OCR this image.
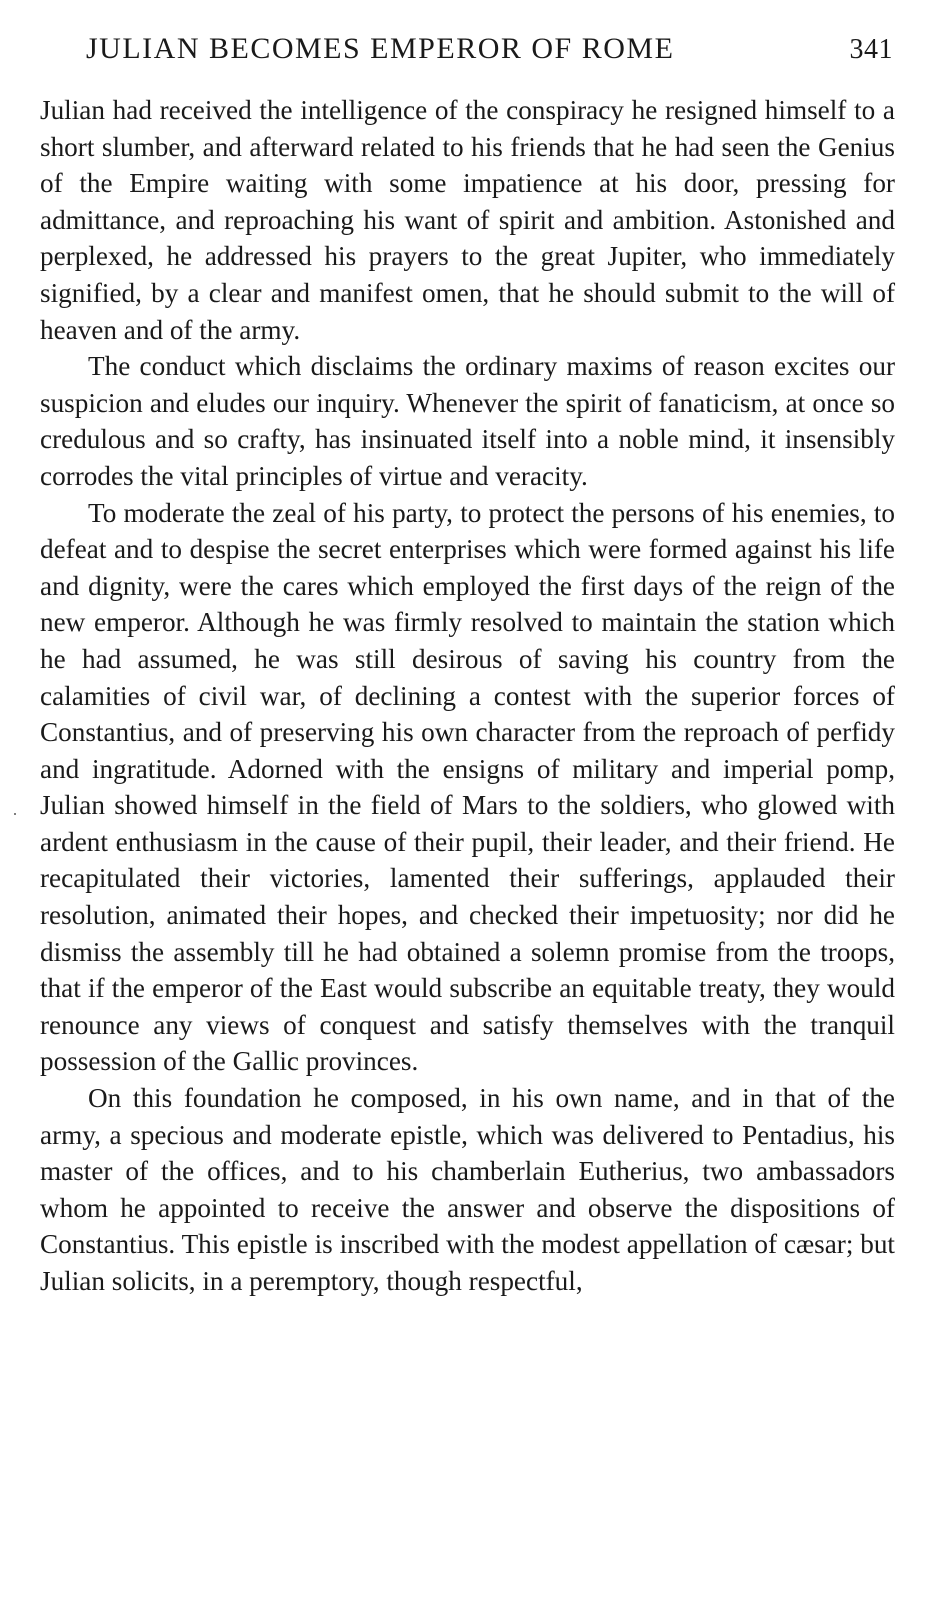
JULIAN BECOMES EMPEROR OF ROME	341

Julian had received the intelligence of the conspiracy he resigned himself to a short slumber, and afterward related to his friends that he had seen the Genius of the Empire waiting with some impatience at his door, pressing for admittance, and reproaching his want of spirit and ambition. Astonished and perplexed, he addressed his prayers to the great Jupiter, who immediately signified, by a clear and manifest omen, that he should submit to the will of heaven and of the army.

The conduct which disclaims the ordinary maxims of reason excites our suspicion and eludes our inquiry. Whenever the spirit of fanaticism, at once so credulous and so crafty, has insinuated itself into a noble mind, it insensibly corrodes the vital principles of virtue and veracity.

To moderate the zeal of his party, to protect the persons of his enemies, to defeat and to despise the secret enterprises which were formed against his life and dignity, were the cares which employed the first days of the reign of the new emperor. Although he was firmly resolved to maintain the station which he had assumed, he was still desirous of saving his country from the calamities of civil war, of declining a contest with the superior forces of Constantius, and of preserving his own character from the reproach of perfidy and ingratitude. Adorned with the ensigns of military and imperial pomp, Julian showed himself in the field of Mars to the soldiers, who glowed with ardent enthusiasm in the cause of their pupil, their leader, and their friend. He recapitulated their victories, lamented their sufferings, applauded their resolution, animated their hopes, and checked their impetuosity; nor did he dismiss the assembly till he had obtained a solemn promise from the troops, that if the emperor of the East would subscribe an equitable treaty, they would renounce any views of conquest and satisfy themselves with the tranquil possession of the Gallic provinces.

On this foundation he composed, in his own name, and in that of the army, a specious and moderate epistle, which was delivered to Pentadius, his master of the offices, and to his chamberlain Eutherius, two ambassadors whom he appointed to receive the answer and observe the dispositions of Constantius. This epistle is inscribed with the modest appellation of cæsar; but Julian solicits, in a peremptory, though respectful,
